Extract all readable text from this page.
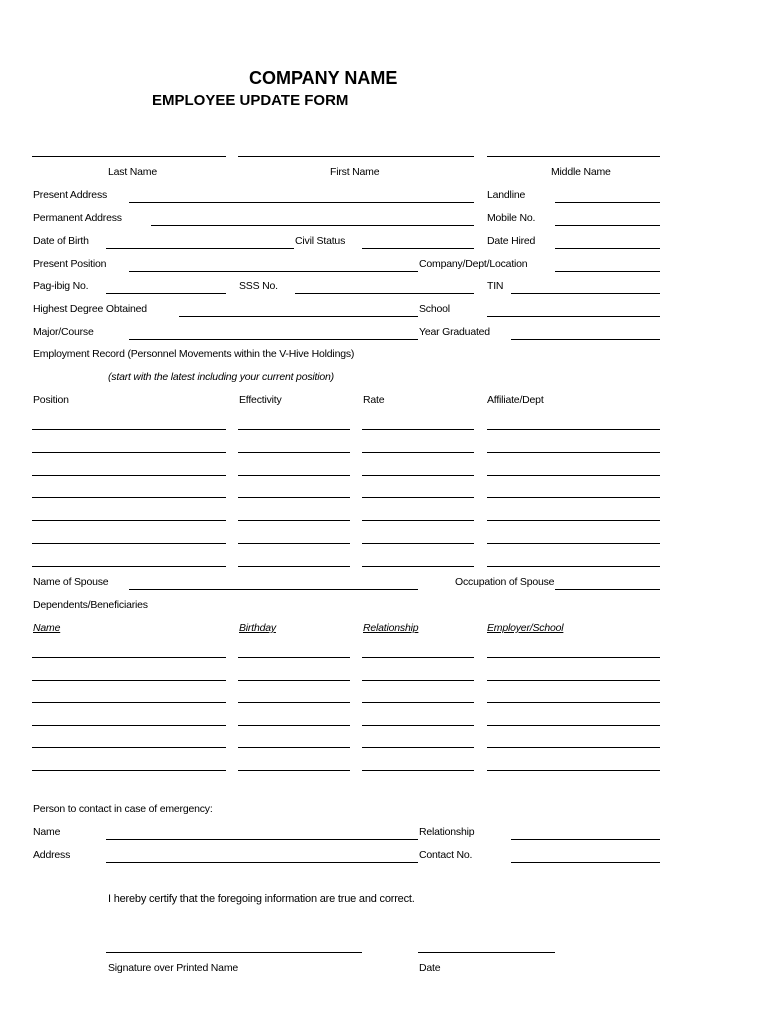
COMPANY NAME
EMPLOYEE UPDATE FORM
Last Name	First Name	Middle Name
Present Address	Landline
Permanent Address	Mobile No.
Date of Birth	Civil Status	Date Hired
Present Position	Company/Dept/Location
Pag-ibig No.	SSS No.	TIN
Highest Degree Obtained	School
Major/Course	Year Graduated
Employment Record (Personnel Movements within the V-Hive Holdings)
(start with the latest including your current position)
Position	Effectivity	Rate	Affiliate/Dept
Name of Spouse	Occupation of Spouse
Dependents/Beneficiaries
Name	Birthday	Relationship	Employer/School
Person to contact in case of emergency:
Name	Relationship
Address	Contact No.
I hereby certify that the foregoing information are true and correct.
Signature over Printed Name	Date
